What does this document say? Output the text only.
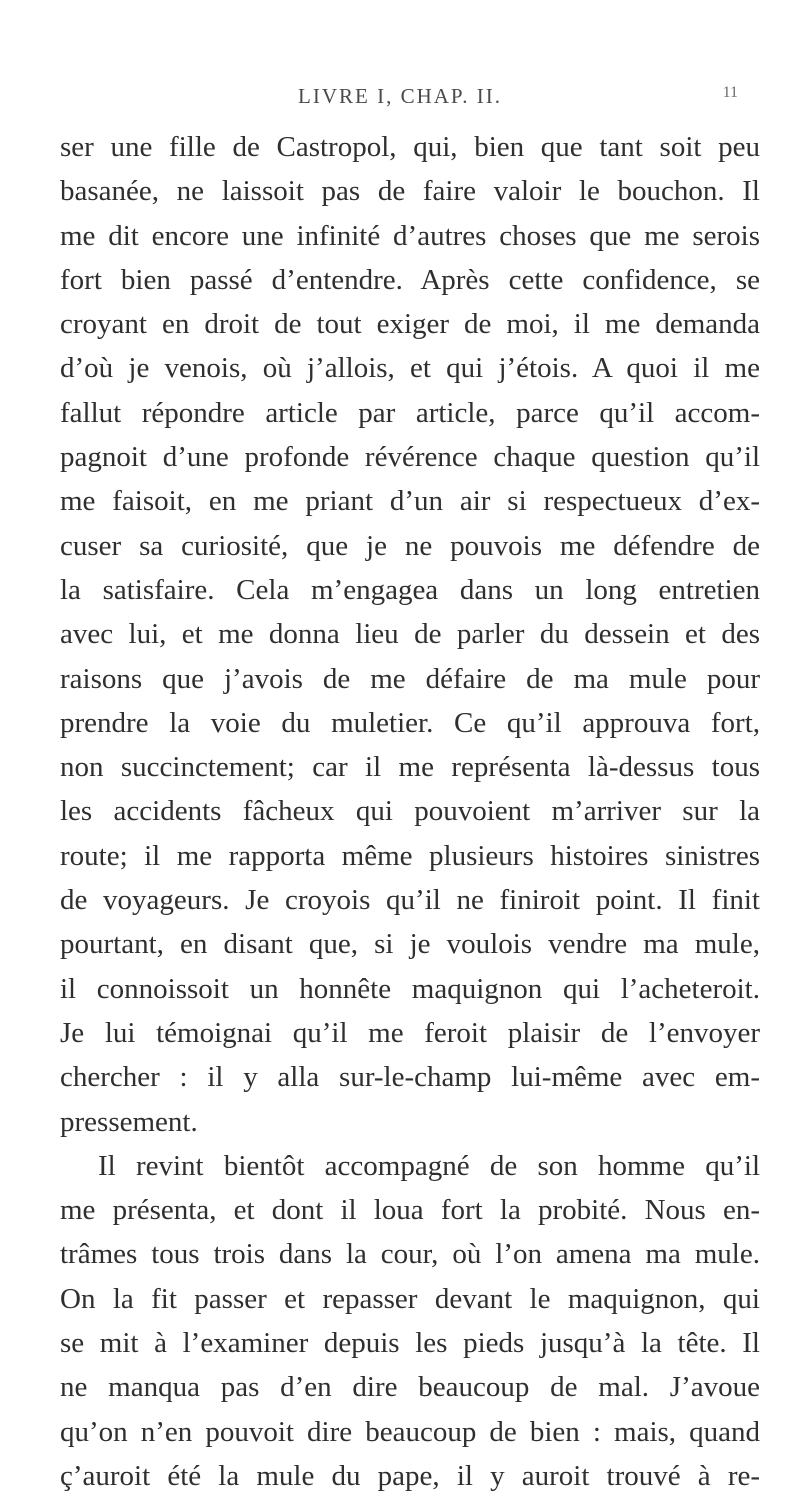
LIVRE I, CHAP. II.	11
ser une fille de Castropol, qui, bien que tant soit peu
basanée, ne laissoit pas de faire valoir le bouchon. Il
me dit encore une infinité d’autres choses que me serois
fort bien passé d’entendre. Après cette confidence, se
croyant en droit de tout exiger de moi, il me demanda
d’où je venois, où j’allois, et qui j’étois. A quoi il me
fallut répondre article par article, parce qu’il accom-
pagnoit d’une profonde révérence chaque question qu’il
me faisoit, en me priant d’un air si respectueux d’ex-
cuser sa curiosité, que je ne pouvois me défendre de
la satisfaire. Cela m’engagea dans un long entretien
avec lui, et me donna lieu de parler du dessein et des
raisons que j’avois de me défaire de ma mule pour
prendre la voie du muletier. Ce qu’il approuva fort,
non succinctement; car il me représenta là-dessus tous
les accidents fâcheux qui pouvoient m’arriver sur la
route; il me rapporta même plusieurs histoires sinistres
de voyageurs. Je croyois qu’il ne finiroit point. Il finit
pourtant, en disant que, si je voulois vendre ma mule,
il connoissoit un honnête maquignon qui l’acheteroit.
Je lui témoignai qu’il me feroit plaisir de l’envoyer
chercher : il y alla sur-le-champ lui-même avec em-
pressement.
Il revint bientôt accompagné de son homme qu’il
me présenta, et dont il loua fort la probité. Nous en-
trâmes tous trois dans la cour, où l’on amena ma mule.
On la fit passer et repasser devant le maquignon, qui
se mit à l’examiner depuis les pieds jusqu’à la tête. Il
ne manqua pas d’en dire beaucoup de mal. J’avoue
qu’on n’en pouvoit dire beaucoup de bien : mais, quand
ç’auroit été la mule du pape, il y auroit trouvé à re-
